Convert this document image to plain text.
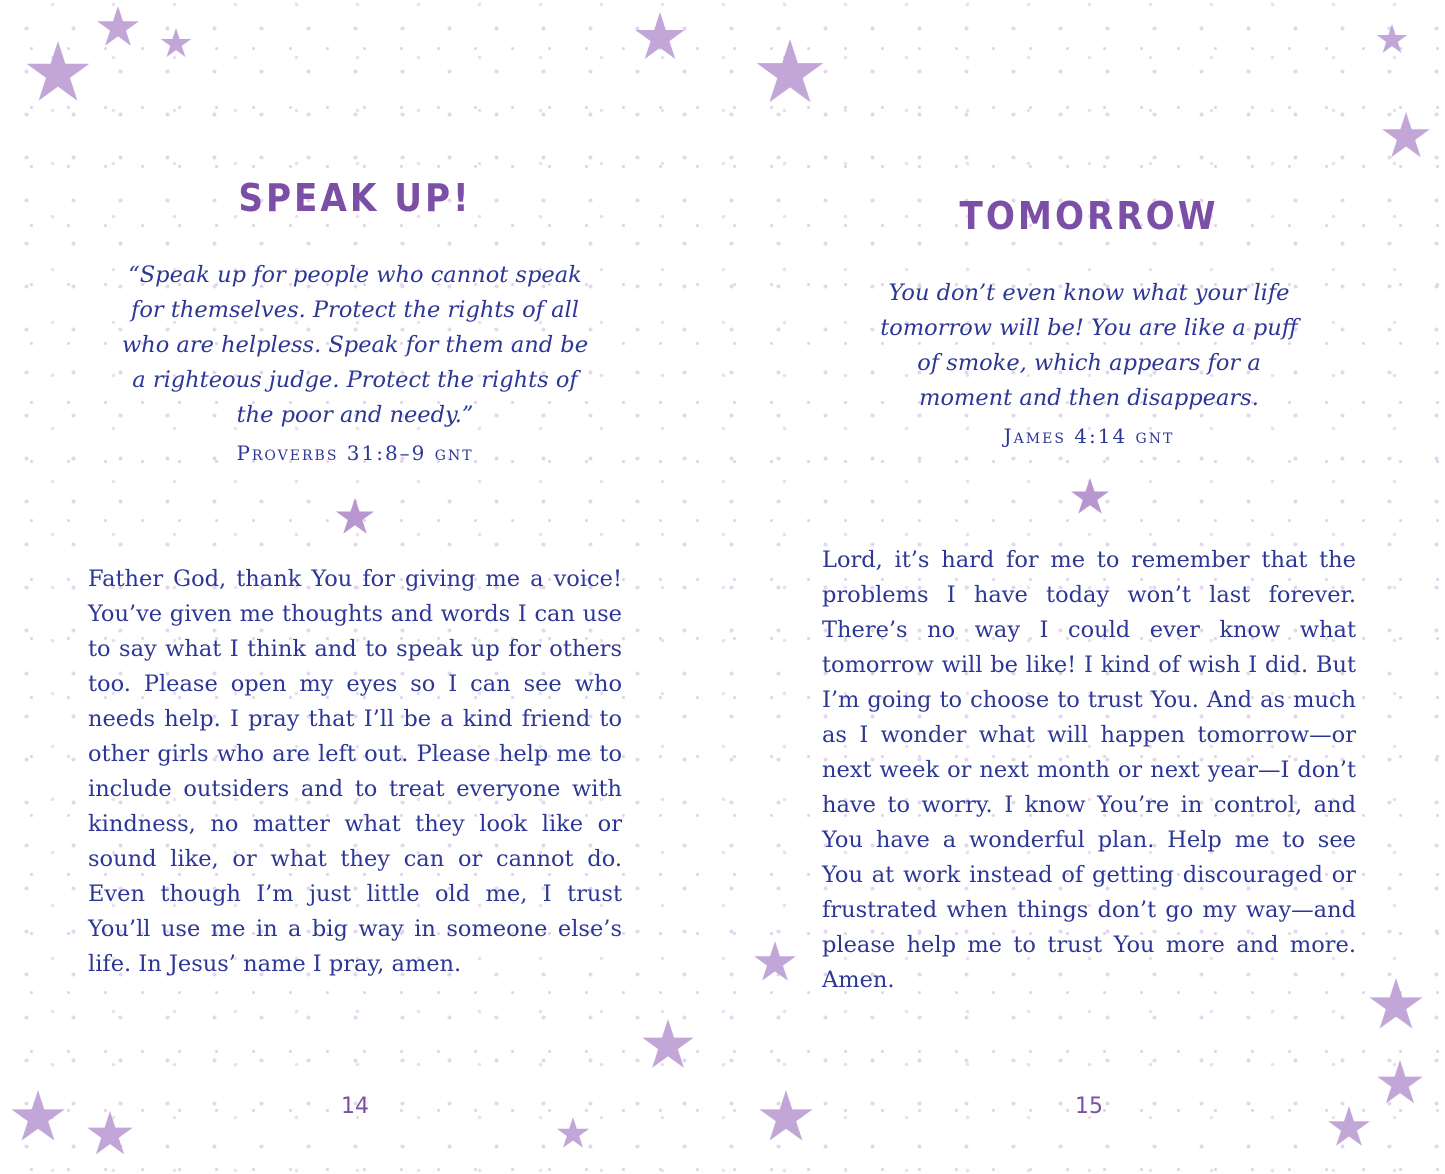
SPEAK UP!

“Speak up for people who cannot speak for themselves. Protect the rights of all who are helpless. Speak for them and be a righteous judge. Protect the rights of the poor and needy.”

Proverbs 31:8–9 gnt

Father God, thank You for giving me a voice! You’ve given me thoughts and words I can use to say what I think and to speak up for others too. Please open my eyes so I can see who needs help. I pray that I’ll be a kind friend to other girls who are left out. Please help me to include outsiders and to treat everyone with kindness, no matter what they look like or sound like, or what they can or cannot do. Even though I’m just little old me, I trust You’ll use me in a big way in someone else’s life. In Jesus’ name I pray, amen.

14

TOMORROW

You don’t even know what your life tomorrow will be! You are like a puff of smoke, which appears for a moment and then disappears.

James 4:14 gnt

Lord, it’s hard for me to remember that the problems I have today won’t last forever. There’s no way I could ever know what tomorrow will be like! I kind of wish I did. But I’m going to choose to trust You. And as much as I wonder what will happen tomorrow—or next week or next month or next year—I don’t have to worry. I know You’re in control, and You have a wonderful plan. Help me to see You at work instead of getting discouraged or frustrated when things don’t go my way—and please help me to trust You more and more. Amen.

15
